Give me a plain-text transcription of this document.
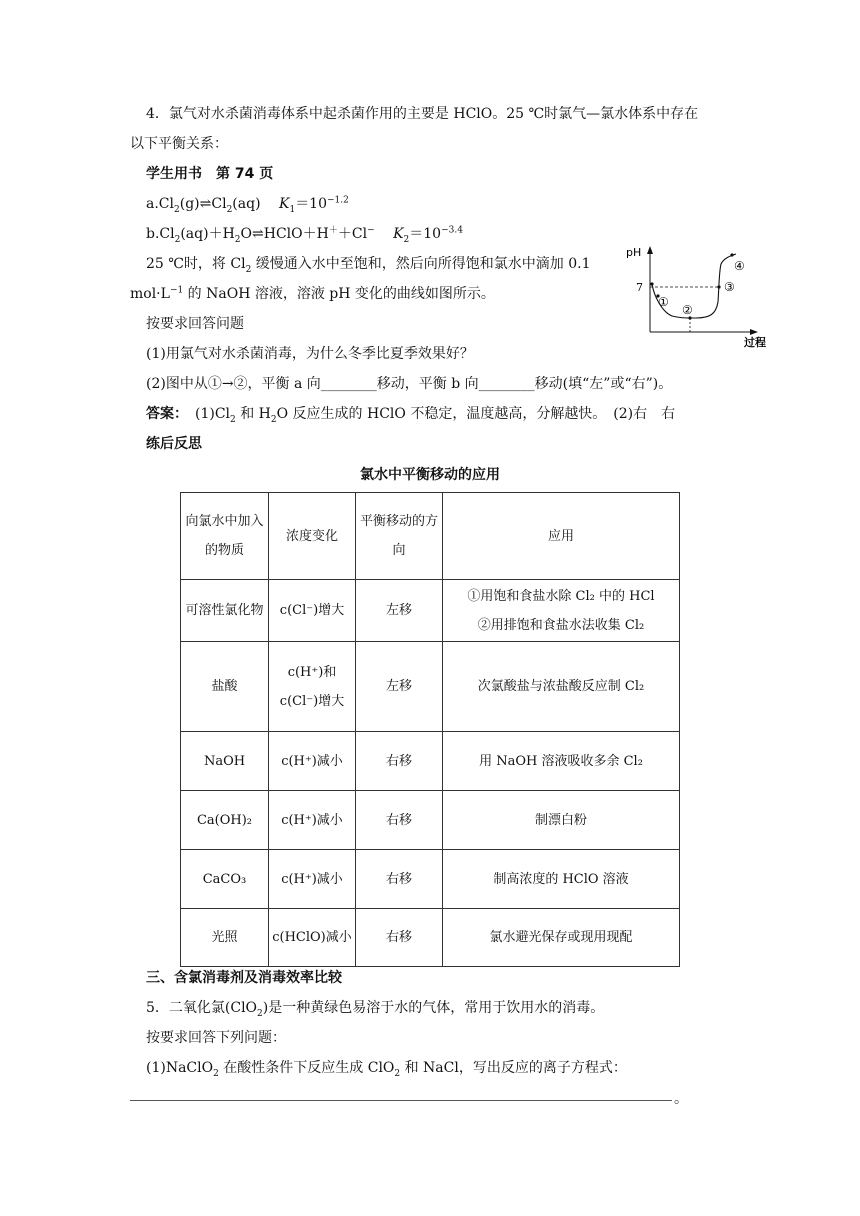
4．氯气对水杀菌消毒体系中起杀菌作用的主要是 HClO。25 ℃时氯气—氯水体系中存在
以下平衡关系：
学生用书　第 74 页
$a.Cl_2(g)\rightleftharpoons Cl_2(aq)$　 $K_1=10^{-1.2}$
$b.Cl_2(aq)+H_2O\rightleftharpoons HClO+H^++Cl^-$　 $K_2=10^{-3.4}$
25 ℃时，将 $Cl_2$ 缓慢通入水中至饱和，然后向所得饱和氯水中滴加 0.1
$mol\cdot L^{-1}$ 的 NaOH 溶液，溶液 pH 变化的曲线如图所示。
按要求回答问题
(1)用氯气对水杀菌消毒，为什么冬季比夏季效果好？
(2)图中从①→②，平衡 a 向________移动，平衡 b 向________移动(填“左”或“右”)。
答案：　$(1)Cl_2$ 和 $H_2O$ 反应生成的 HClO 不稳定，温度越高，分解越快。　(2)右　右
练后反思
pH
过程
7
①
②
③
④
氯水中平衡移动的应用
向氯水中加入的物质	浓度变化	平衡移动的方向	应用
可溶性氯化物	c(Cl⁻)增大	左移	①用饱和食盐水除 Cl₂ 中的 HCl
②用排饱和食盐水法收集 Cl₂

盐酸	c(H⁺)和c(Cl⁻)增大	左移	次氯酸盐与浓盐酸反应制 Cl₂
NaOH	c(H⁺)减小	右移	用 NaOH 溶液吸收多余 Cl₂
Ca(OH)₂	c(H⁺)减小	右移	制漂白粉
CaCO₃	c(H⁺)减小	右移	制高浓度的 HClO 溶液
光照	c(HClO)减小	右移	氯水避光保存或现用现配
三、含氯消毒剂及消毒效率比较
5．二氧化氯(ClO$_2$)是一种黄绿色易溶于水的气体，常用于饮用水的消毒。
按要求回答下列问题：
(1)NaClO$_2$ 在酸性条件下反应生成 ClO$_2$ 和 NaCl，写出反应的离子方程式：
。
